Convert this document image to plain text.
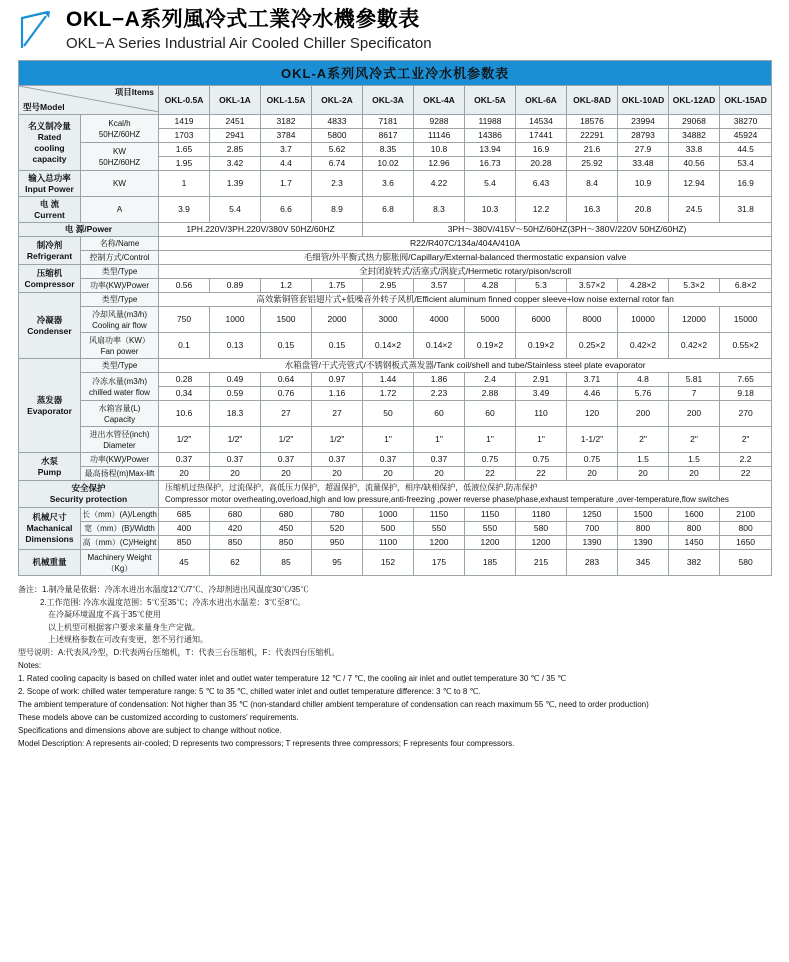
OKL−A系列風冷式工業冷水機參數表
OKL−A Series Industrial Air Cooled Chiller Specificaton
OKL-A系列风冷式工业冷水机参数表													

型号Model
项目Items		OKL-0.5A	OKL-1A	OKL-1.5A	OKL-2A	OKL-3A	OKL-4A	OKL-5A	OKL-6A	OKL-8AD	OKL-10AD	OKL-12AD	OKL-15AD

名义制冷量
Rated
cooling
capacity

Kcal/h
50HZ/60HZ
	1419	2451	3182	4833	7181	9288	11988	14534	18576	23994	29068	38270
		1703	2941	3784	5800	8617	11146	14386	17441	22291	28793	34882	45924

	KW
50HZ/60HZ	1.65	2.85	3.7	5.62	8.35	10.8	13.94	16.9	21.6	27.9	33.8	44.5
		1.95	3.42	4.4	6.74	10.02	12.96	16.73	20.28	25.92	33.48	40.56	53.4

输入总功率
Input Power	KW	1	1.39	1.7	2.3	3.6	4.22	5.4	6.43	8.4	10.9	12.94	16.9

电 流
Current	A	3.9	5.4	6.6	8.9	6.8	8.3	10.3	12.2	16.3	20.8	24.5	31.8
电 源/Power		1PH.220V/3PH.220V/380V 50HZ/60HZ				3PH～380V/415V～50HZ/60HZ(3PH～380V/220V 50HZ/60HZ)							

制冷剂
Refrigerant	名称/Name	R22/R407C/134a/404A/410A											
	控制方式/Control	毛细管/外平衡式热力膨胀阀/Capillary/External-balanced thermostatic expansion valve											

压缩机
Compressor	类型/Type	全封闭旋转式/活塞式/涡旋式/Hermetic rotary/pison/scroll											
	功率(KW)/Power	0.56	0.89	1.2	1.75	2.95	3.57	4.28	5.3	3.57×2	4.28×2	5.3×2	6.8×2

冷凝器
Condenser	类型/Type	高效紫铜管套铝翅片式+低噪音外转子风机/Efficient aluminum finned copper sleeve+low noise external rotor fan											

	冷却风量(m3/h)
Cooling air flow	750	1000	1500	2000	3000	4000	5000	6000	8000	10000	12000	15000

	风扇功率（KW）
Fan power	0.1	0.13	0.15	0.15	0.14×2	0.14×2	0.19×2	0.19×2	0.25×2	0.42×2	0.42×2	0.55×2

蒸发器
Evaporator	类型/Type	水箱盘管/干式壳管式/不锈钢板式蒸发器/Tank coil/shell and tube/Stainless steel plate evaporator											

	冷冻水量(m3/h)
chilled water flow	0.28	0.49	0.64	0.97	1.44	1.86	2.4	2.91	3.71	4.8	5.81	7.65
		0.34	0.59	0.76	1.16	1.72	2.23	2.88	3.49	4.46	5.76	7	9.18

	水箱容量(L)
Capacity	10.6	18.3	27	27	50	60	60	110	120	200	200	270

	进出水管径(inch)
Diameter	1/2"	1/2"	1/2"	1/2"	1"	1"	1"	1"	1-1/2"	2"	2"	2"

水泵
Pump	功率(KW)/Power	0.37	0.37	0.37	0.37	0.37	0.37	0.75	0.75	0.75	1.5	1.5	2.2
	最高扬程(m)Max-lift	20	20	20	20	20	20	22	22	20	20	20	22

安全保护
Security protection

压缩机过热保护，过流保护，高低压力保护，超温保护，流量保护，相序/缺相保护，低液位保护,防冻保护
Compressor motor overheating,overload,high and low pressure,anti-freezing ,power reverse phase/phase,exhaust temperature ,over-temperature,flow switches

机械尺寸
Machanical
Dimensions	长（mm）(A)/Length	685	680	680	780	1000	1150	1150	1180	1250	1500	1600	2100
	宽（mm）(B)/Width	400	420	450	520	500	550	550	580	700	800	800	800
	高（mm）(C)/Height	850	850	850	950	1100	1200	1200	1200	1390	1390	1450	1650
机械重量	Machinery Weight
（Kg）	45	62	85	95	152	175	185	215	283	345	382	580
备注：1.制冷量是依据：冷冻水进出水温度12℃/7℃、冷却剂进出风温度30℃/35℃
2.工作范围: 冷冻水温度范围：5℃至35℃；冷冻水进出水温差：3℃至8℃。
在冷凝环境温度不高于35℃使用
以上机型可根据客户要求来量身生产定做。
上述规格参数在可改有变更，恕不另行通知。
型号说明：A:代表风冷型，D:代表两台压缩机，T：代表三台压缩机，F：代表四台压缩机。
Notes:
1. Rated cooling capacity is based on chilled water inlet and outlet water temperature 12 ℃ / 7 ℃, the cooling air inlet and outlet temperature 30 ℃ / 35 ℃
2. Scope of work: chilled water temperature range: 5 ℃ to 35 ℃, chilled water inlet and outlet temperature difference: 3 ℃ to 8 ℃.
The ambient temperature of condensation: Not higher than 35 ℃ (non-standard chiller ambient temperature of condensation can reach maximum 55 ℃, need to order production)
These models above can be customized according to customers' requirements.
Specifications and dimensions above are subject to change without notice.
Model Description: A represents air-cooled; D represents two compressors; T represents three compressors; F represents four compressors.
